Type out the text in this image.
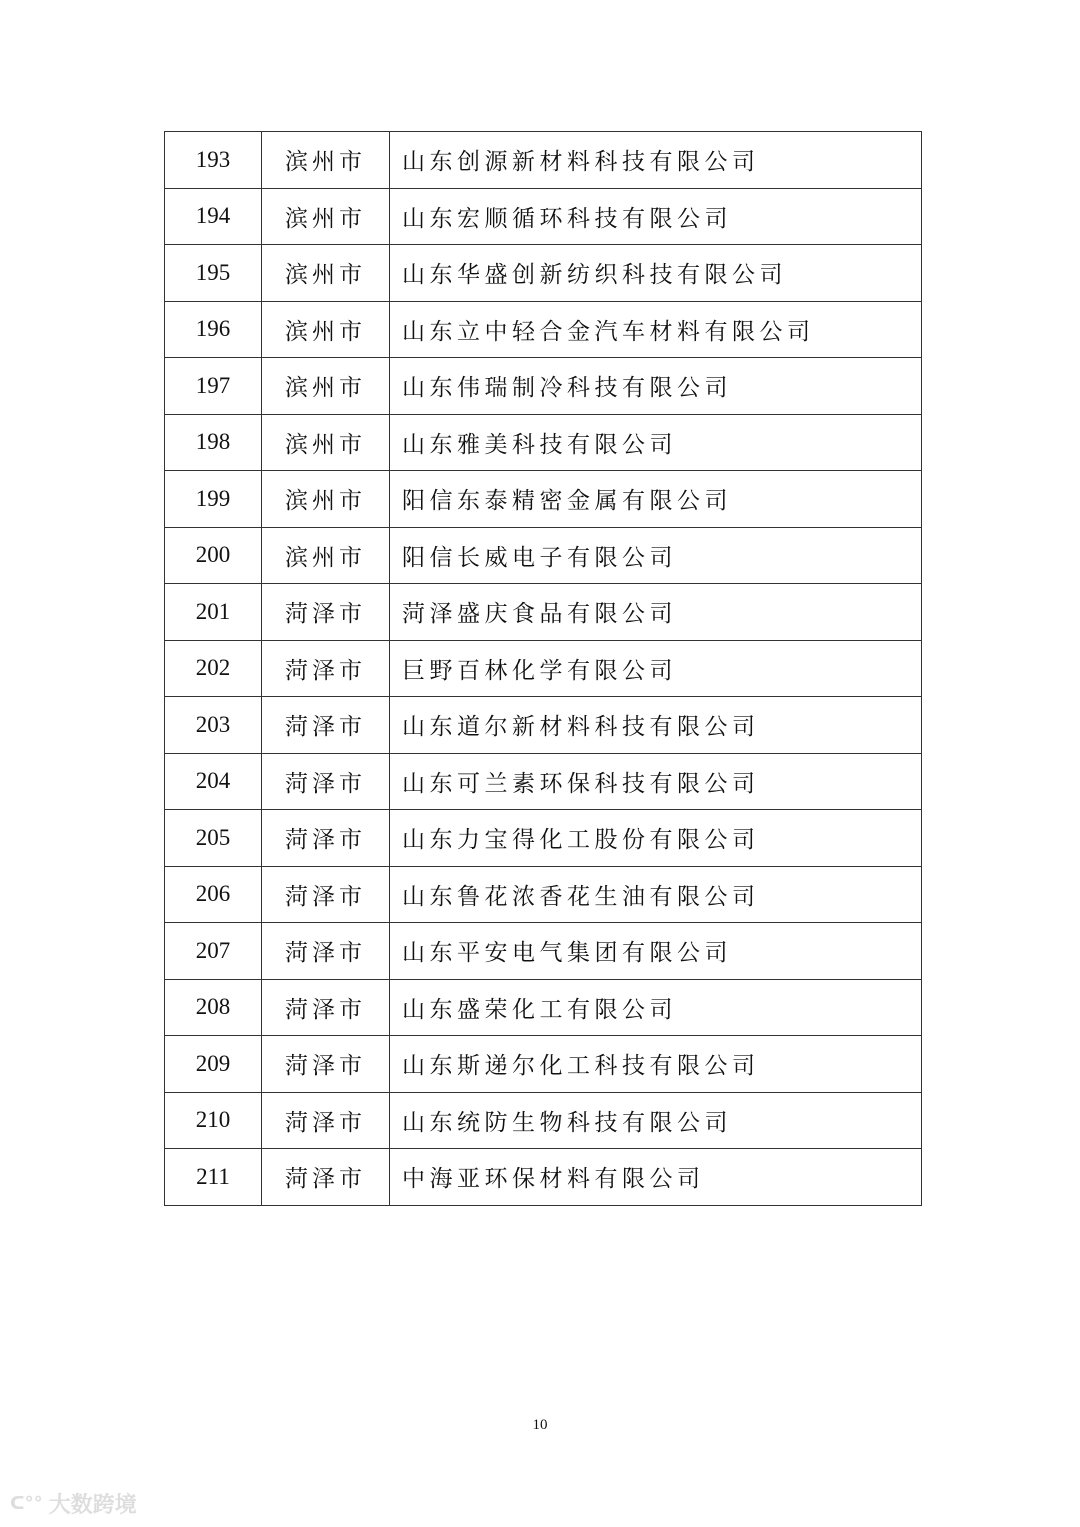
193	滨州市	山东创源新材料科技有限公司
194	滨州市	山东宏顺循环科技有限公司
195	滨州市	山东华盛创新纺织科技有限公司
196	滨州市	山东立中轻合金汽车材料有限公司
197	滨州市	山东伟瑞制冷科技有限公司
198	滨州市	山东雅美科技有限公司
199	滨州市	阳信东泰精密金属有限公司
200	滨州市	阳信长威电子有限公司
201	菏泽市	菏泽盛庆食品有限公司
202	菏泽市	巨野百林化学有限公司
203	菏泽市	山东道尔新材料科技有限公司
204	菏泽市	山东可兰素环保科技有限公司
205	菏泽市	山东力宝得化工股份有限公司
206	菏泽市	山东鲁花浓香花生油有限公司
207	菏泽市	山东平安电气集团有限公司
208	菏泽市	山东盛荣化工有限公司
209	菏泽市	山东斯递尔化工科技有限公司
210	菏泽市	山东统防生物科技有限公司
211	菏泽市	中海亚环保材料有限公司
10
ᑕ°° 大数跨境
